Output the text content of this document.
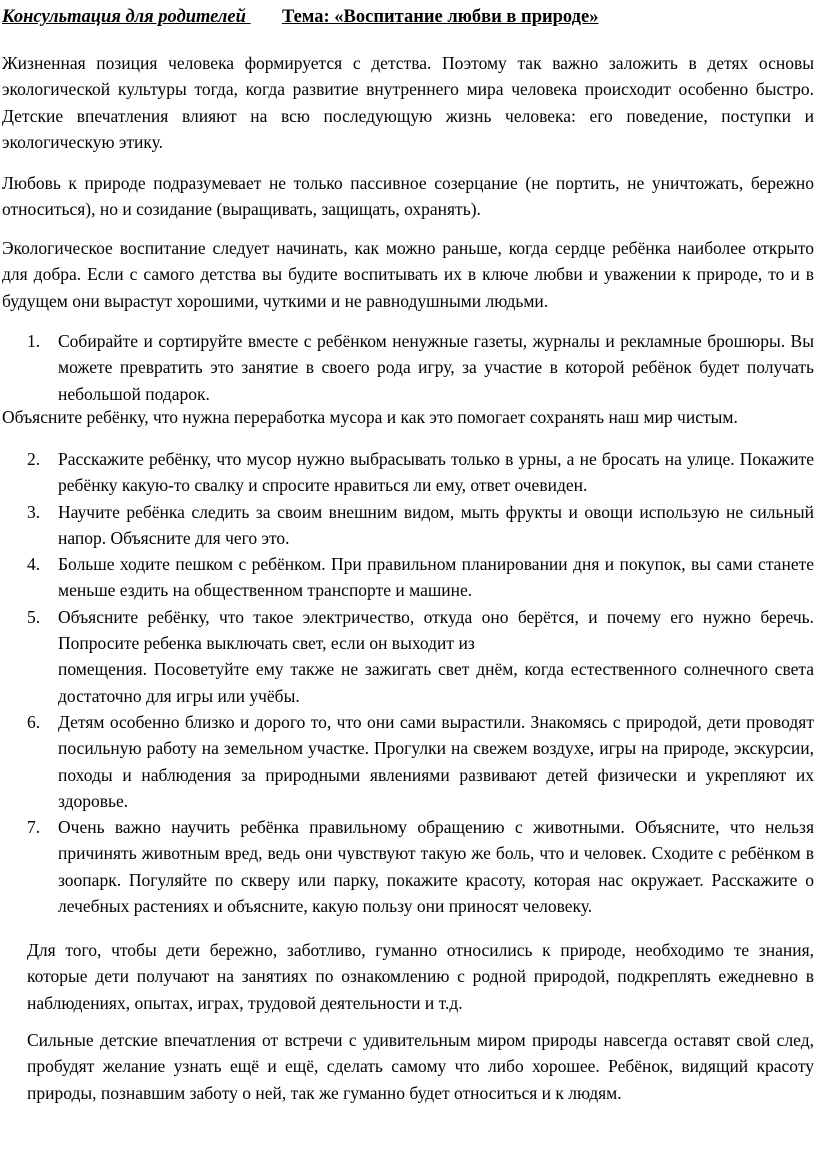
Консультация для родителей Тема: «Воспитание любви в природе»

Жизненная позиция человека формируется с детства. Поэтому так важно заложить в детях основы экологической культуры тогда, когда развитие внутреннего мира человека происходит особенно быстро. Детские впечатления влияют на всю последующую жизнь человека: его поведение, поступки и экологическую этику.

Любовь к природе подразумевает не только пассивное созерцание (не портить, не уничтожать, бережно относиться), но и созидание (выращивать, защищать, охранять).

Экологическое воспитание следует начинать, как можно раньше, когда сердце ребёнка наиболее открыто для добра. Если с самого детства вы будите воспитывать их в ключе любви и уважении к природе, то и в будущем они вырастут хорошими, чуткими и не равнодушными людьми.

1. Собирайте и сортируйте вместе с ребёнком ненужные газеты, журналы и рекламные брошюры. Вы можете превратить это занятие в своего рода игру, за участие в которой ребёнок будет получать небольшой подарок.

Объясните ребёнку, что нужна переработка мусора и как это помогает сохранять наш мир чистым.

2. Расскажите ребёнку, что мусор нужно выбрасывать только в урны, а не бросать на улице. Покажите ребёнку какую-то свалку и спросите нравиться ли ему, ответ очевиден.
3. Научите ребёнка следить за своим внешним видом, мыть фрукты и овощи использую не сильный напор. Объясните для чего это.
4. Больше ходите пешком с ребёнком. При правильном планировании дня и покупок, вы сами станете меньше ездить на общественном транспорте и машине.
5. Объясните ребёнку, что такое электричество, откуда оно берётся, и почему его нужно беречь. Попросите ребенка выключать свет, если он выходит из
помещения. Посоветуйте ему также не зажигать свет днём, когда естественного солнечного света достаточно для игры или учёбы.
6. Детям особенно близко и дорого то, что они сами вырастили. Знакомясь с природой, дети проводят посильную работу на земельном участке. Прогулки на свежем воздухе, игры на природе, экскурсии, походы и наблюдения за природными явлениями развивают детей физически и укрепляют их здоровье.
7. Очень важно научить ребёнка правильному обращению с животными. Объясните, что нельзя причинять животным вред, ведь они чувствуют такую же боль, что и человек. Сходите с ребёнком в зоопарк. Погуляйте по скверу или парку, покажите красоту, которая нас окружает. Расскажите о лечебных растениях и объясните, какую пользу они приносят человеку.

Для того, чтобы дети бережно, заботливо, гуманно относились к природе, необходимо те знания, которые дети получают на занятиях по ознакомлению с родной природой, подкреплять ежедневно в наблюдениях, опытах, играх, трудовой деятельности и т.д.

Сильные детские впечатления от встречи с удивительным миром природы навсегда оставят свой след, пробудят желание узнать ещё и ещё, сделать самому что либо хорошее. Ребёнок, видящий красоту природы, познавшим заботу о ней, так же гуманно будет относиться и к людям.
